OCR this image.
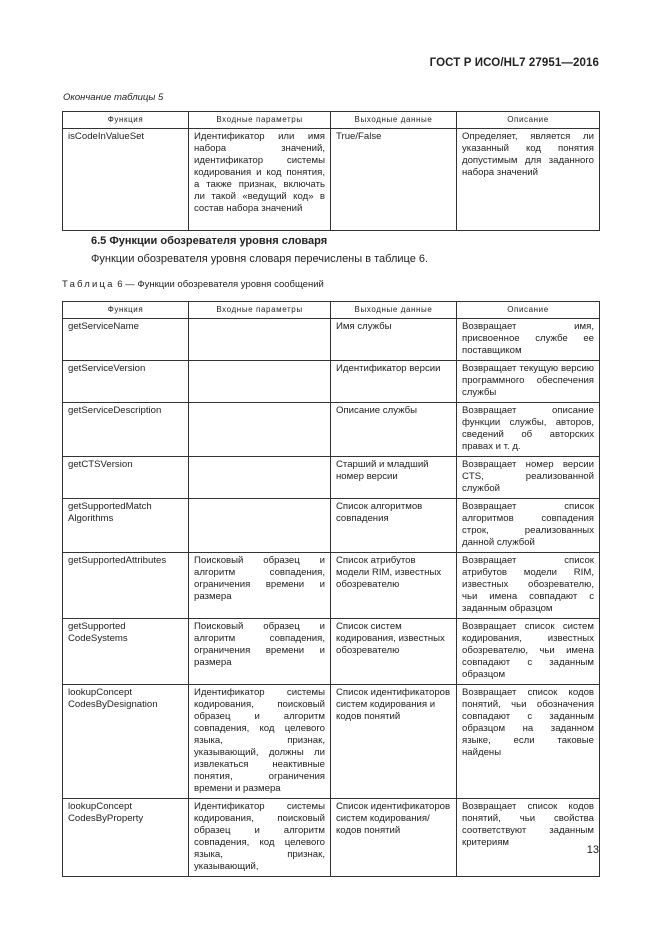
ГОСТ Р ИСО/HL7 27951—2016
Окончание таблицы 5
Функция	Входные параметры	Выходные данные	Описание
isCodeInValueSet	Идентификатор или имя набора значений, идентификатор системы кодирования и код понятия, а также признак, включать ли такой «ведущий код» в состав набора значений	True/False	Определяет, является ли указанный код понятия допустимым для заданного набора значений
6.5 Функции обозревателя уровня словаря
Функции обозревателя уровня словаря перечислены в таблице 6.
Таблица 6 — Функции обозревателя уровня сообщений
Функция	Входные параметры	Выходные данные	Описание
getServiceName		Имя службы	Возвращает имя, присвоенное службе ее поставщиком
getServiceVersion		Идентификатор версии	Возвращает текущую версию программного обеспечения службы
getServiceDescription		Описание службы	Возвращает описание функции службы, авторов, сведений об авторских правах и т. д.
getCTSVersion		Старший и младший номер версии	Возвращает номер версии CTS, реализованной службой
getSupportedMatch Algorithms		Список алгоритмов совпадения	Возвращает список алгоритмов совпадения строк, реализованных данной службой
getSupportedAttributes	Поисковый образец и алгоритм совпадения, ограничения времени и размера	Список атрибутов модели RIM, известных обозревателю	Возвращает список атрибутов модели RIM, известных обозревателю, чьи имена совпадают с заданным образцом
getSupported CodeSystems	Поисковый образец и алгоритм совпадения, ограничения времени и размера	Список систем кодирования, известных обозревателю	Возвращает список систем кодирования, известных обозревателю, чьи имена совпадают с заданным образцом
lookupConcept CodesByDesignation	Идентификатор системы кодирования, поисковый образец и алгоритм совпадения, код целевого языка, признак, указывающий, должны ли извлекаться неактивные понятия, ограничения времени и размера	Список идентификаторов систем кодирования и кодов понятий	Возвращает список кодов понятий, чьи обозначения совпадают с заданным образцом на заданном языке, если таковые найдены
lookupConcept CodesByProperty	Идентификатор системы кодирования, поисковый образец и алгоритм совпадения, код целевого языка, признак, указывающий,	Список идентификаторов систем кодирования/кодов понятий	Возвращает список кодов понятий, чьи свойства соответствуют заданным критериям
13
